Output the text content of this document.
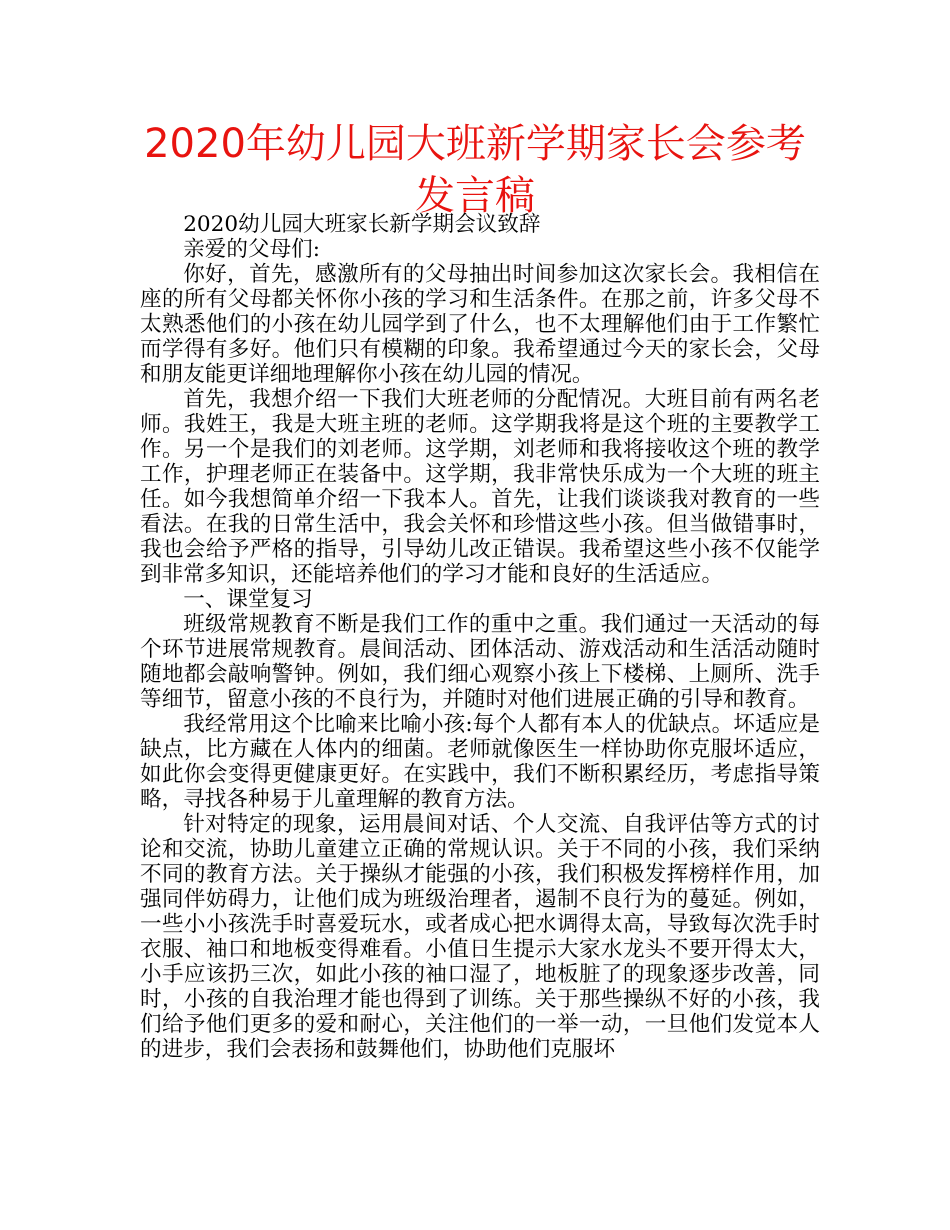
2020年幼儿园大班新学期家长会参考发言稿

2020幼儿园大班家长新学期会议致辞

亲爱的父母们:

你好，首先，感激所有的父母抽出时间参加这次家长会。我相信在座的所有父母都关怀你小孩的学习和生活条件。在那之前，许多父母不太熟悉他们的小孩在幼儿园学到了什么，也不太理解他们由于工作繁忙而学得有多好。他们只有模糊的印象。我希望通过今天的家长会，父母和朋友能更详细地理解你小孩在幼儿园的情况。

首先，我想介绍一下我们大班老师的分配情况。大班目前有两名老师。我姓王，我是大班主班的老师。这学期我将是这个班的主要教学工作。另一个是我们的刘老师。这学期，刘老师和我将接收这个班的教学工作，护理老师正在装备中。这学期，我非常快乐成为一个大班的班主任。如今我想简单介绍一下我本人。首先，让我们谈谈我对教育的一些看法。在我的日常生活中，我会关怀和珍惜这些小孩。但当做错事时，我也会给予严格的指导，引导幼儿改正错误。我希望这些小孩不仅能学到非常多知识，还能培养他们的学习才能和良好的生活适应。

一、课堂复习

班级常规教育不断是我们工作的重中之重。我们通过一天活动的每个环节进展常规教育。晨间活动、团体活动、游戏活动和生活活动随时随地都会敲响警钟。例如，我们细心观察小孩上下楼梯、上厕所、洗手等细节，留意小孩的不良行为，并随时对他们进展正确的引导和教育。

我经常用这个比喻来比喻小孩:每个人都有本人的优缺点。坏适应是缺点，比方藏在人体内的细菌。老师就像医生一样协助你克服坏适应，如此你会变得更健康更好。在实践中，我们不断积累经历，考虑指导策略，寻找各种易于儿童理解的教育方法。

针对特定的现象，运用晨间对话、个人交流、自我评估等方式的讨论和交流，协助儿童建立正确的常规认识。关于不同的小孩，我们采纳不同的教育方法。关于操纵才能强的小孩，我们积极发挥榜样作用，加强同伴妨碍力，让他们成为班级治理者，遏制不良行为的蔓延。例如，一些小小孩洗手时喜爱玩水，或者成心把水调得太高，导致每次洗手时衣服、袖口和地板变得难看。小值日生提示大家水龙头不要开得太大，小手应该扔三次，如此小孩的袖口湿了，地板脏了的现象逐步改善，同时，小孩的自我治理才能也得到了训练。关于那些操纵不好的小孩，我们给予他们更多的爱和耐心，关注他们的一举一动，一旦他们发觉本人的进步，我们会表扬和鼓舞他们，协助他们克服坏
